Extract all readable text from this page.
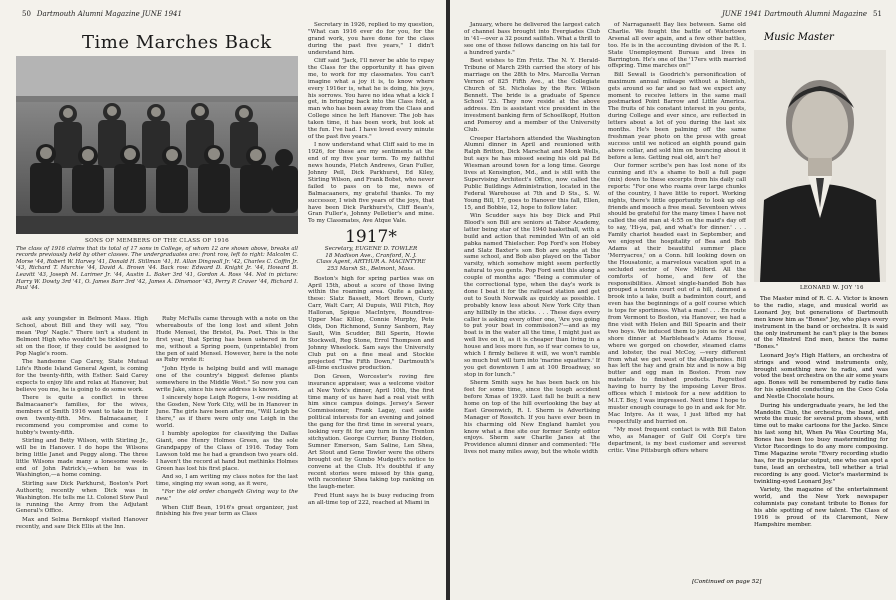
50 Dartmouth Alumni Magazine JUNE 1941
Time Marches Back
SONS OF MEMBERS OF THE CLASS OF 1916
The class of 1916 claims that its total of 17 sons in College, of whom 12 are shown above, breaks all records previously held by other classes. The undergraduates are: front row, left to right: Malcolm C. Morse '44, Robert W. Harvey '41, Donald H. Stillman '41, H. Allan Dingwall Jr. '42, Charles C. Coffin Jr. '43, Richard T. Murchie '44, David A. Brown '44. Back row: Edward D. Knight Jr. '44, Howard B. Leavitt '43, Joseph M. Larimer Jr. '44, Austin L. Baker 3rd '41, Gordon A. Ross '44. Not in picture: Harry W. Dowty 3rd '41, O. James Barr 3rd '42, James A. Dinsmoor '43, Perry P. Craver '44, Richard I. Paul '44.

ask any youngster in Belmont Mass. High School, about Bill and they will say, "You mean 'Pop' Nagle." There isn't a student in Belmont High who wouldn't be tickled just to sit on the floor, if they could be assigned to Pop Nagle's room.

The handsome Cap Carey, State Mutual Life's Rhode Island General Agent, is coming for the twenty-fifth, with Esther. Said Carey expects to enjoy life and relax at Hanover, but believe you me, he is going to do some work.

There is quite a conflict in three Balmacaaner's families, for the wives, members of Smith 1916 want to take in their own twenty-fifth. Mrs. Balmacaaner, I recommend you compromise and come to hubby's twenty-fifth.

Stirling and Betty Wilson, with Stirling Jr., will be in Hanover. I do hope the Wilsons bring little Janet and Peggy along. The three little Wilsons made many a lonesome week-end of John Patrick's,—when he was in Washington,—a home coming.

Stirling saw Dick Parkhurst, Boston's Port Authority, recently when Dick was in Washington. He tells me Lt. Colonel Stew Paul is running the Army from the Adjutant General's Office.

Max and Selma Bernkopf visited Hanover recently, and saw Dick Ellis at the Inn.

Ruby McFalls came through with a note on the whereabouts of the long lost and silent John Hude Mensel, the Bristol, Pa. Poet. This is the first year, that Spring has been ushered in for me, without a Spring poem, (unprintable) from the pen of said Mensel. However, here is the note as Ruby wrote it:

"John Hyde is helping build and will manage one of the country's biggest defense plants somewhere in the Middle West." So now you can write Jake, since his new address is known.

I sincerely hope Leigh Rogers, 1-ow residing at the Gosden, New York City, will be in Hanover in June. The girls have been after me, "Will Leigh be there," as if there were only one Leigh in the world.

I humbly apologize for classifying the Dallas Giant, one Henry Holmes Green, as the sole Grandpappy of the Class of 1916. Today Tom Lawson told me he had a grandson two years old. I haven't the record at hand but methinks Holmes Green has lost his first place.

And so, I am writing my class notes for the last time, singing my swan song, as it were,

"For the old order changeth Giving way to the new."

When Cliff Bean, 1916's great organizer, just finishing his five year term as Class

Secretary in 1926, replied to my question, "What can 1916 ever do for you, for the grand work, you have done for the class during the past five years," I didn't understand him.

Cliff said "Jack, I'll never be able to repay the Class for the opportunity it has given me, to work for my classmates. You can't imagine what a joy it is, to know where every 1916er is, what he is doing, his joys, his sorrows. You have no idea what a kick I get, in bringing back into the Class fold, a man who has been away from the Class and College since he left Hanover. The job has taken time, it has been work, but look at the fun. I've had. I have loved every minute of the past five years."

I now understand what Cliff said to me in 1926, for these are my sentiments at the end of my five year term. To my faithful news hounds, Fletch Andrews, Gran Fuller, Johnny Pell, Dick Parkhurst, Ed Kiley, Stirling Wilson, and Frank Bobst, who never failed to pass on to me, news of Balmacaaners, my grateful thanks. To my successor, I wish five years of the joys, that have been Dick Parkhurst's, Cliff Bean's, Gran Fuller's, Johnny Pelletier's and mine. To my Classmates, Ave Atque Vale.

1917*
Secretary, EUGENE D. TOWLER
18 Madison Ave., Cranford, N. J.
Class Agent, ARTHUR A. MACINTYRE
253 Marsh St., Belmont, Mass.

Boston's high for spring parties was on April 15th, about a score of those living within the roaming area. Quite a galaxy, these: Slatz Bassett, Mort Brown, Curly Carr, Walt Carr, Al Dupuis, Will Fitch, Roy Halloran, Spique MacIntyre, Roundtree-Upper Mac Killop, Connie Murphy, Pete Olds, Don Richmond, Sunny Sanborn, Ray Sault, Win Scudder, Bill Sperin, Howie Stockwell, Reg Stone, Errol Thompson and Johnny Wheelock. Sam says the University Club put on a fine meal and Stockie projected "The Fifth Down," Dartmouth's all-time exclusive production.

Don Green, Worcester's roving fire insurance appraiser, was a welcome visitor at New York's dinner, April 10th, the first time many of us have had a real visit with him since campus doings. Jersey's Sewer Commissioner, Frank Lagay, cast aside political interests for an evening and joined the gang for the first time in several years, looking very fit for any turn in the Trenton sitchyation. George Currier, Bunny Holden, Sumner Emerson, Sam Saline, Len Shea, Art Stout and Gene Towler were the others brought out by Gumbo Mudgett's notice to convene at the Club. It's doubtful if any recent stories were missed by this gang, with raconteur Shea taking top ranking on the laugh-meter.

Fred Hunt says he is busy reducing from an all-time top of 222, reached at Miami in

JUNE 1941 Dartmouth Alumni Magazine 51

January, where he delivered the largest catch of channel bass brought into Evergiades Club in '41—over a 32 pound sailfish. What a thrill to see one of those fellows dancing on his tail for a hundred yards."

Best wishes to Em Fritz. The N. Y. Herald-Tribune of March 29th carried the story of his marriage on the 28th to Mrs. Marcella Verran Vernon of 825 Fifth Ave., at the Collegiate Church of St. Nicholas by the Rev. Wilson Bennett. The bride is a graduate of Spence School '23. They now reside at the above address. Em is assistant vice president in the investment banking firm of Schoellkopf, Hutton and Pomeroy and a member of the University Club.

Creeper Hartshorn attended the Washington Alumni dinner in April and reunioned with Ralph Britton, Dick Marschat and Monk Wells, but says he has missed seeing his old pal Ed Wiesman around town for a long time. George lives at Kensington, Md., and is still with the Supervising Architect's Office, now called the Public Buildings Administration, located in the Federal Warehouse at 7th and D Sts., S. W. Young Bill, 17, goes to Hanover this fall, Ellen, 15, and Bobbie, 12, hope to follow later.

Win Scudder says his boy Dick and Phil Blood's son Bill are seniors at Tabor Academy, latter being star of the 1940 basketball, with a build and action that reminded Win of an old pabka named Thielscher. Pop Ford's son Hobey and Slatz Baxter's son Bob are sophs at the same school, and Bob also played on the Tabor varsity, which somehow might seem perfectly natural to you gents. Pop Ford sent this along a couple of months ago: "Being a commuter of the correctional type, when the day's work is done I beat it for the railroad station and get out to South Norwalk as quickly as possible. I probably know less about New York City than any hillbilly in the sticks. . . . These days every caller is asking every other one, 'Are you going to put your boat in commission?'—and as my boat is in the water all the time, I might just as well live on it, as it is cheaper than living in a house and less more fun, so if war comes to us, which I firmly believe it will, we won't ramble so much but will turn into 'marine squatters.' If you get downtown I am at 100 Broadway, so stop in for lunch."

Sherm Smith says he has been back on his feet for some time, since the tough accident before Xmas of 1939. Last fall he built a new home on top of the hill overlooking the bay at East Greenwich, R. I. Sherm is Advertising Manager of Rossitch. If you have ever been in his charming old New England hamlet you know what a fine site our former Senty editor enjoys. Sherm saw Charlie Janes at the Providence alumni dinner and commented: "He lives not many miles away, but the whole width

of Narragansett Bay lies between. Same old Charlie. We fought the battle of Watertown Arsenal all over again, and a few other battles, too. He is in the accounting division of the R. I. State Unemployment Bureau and lives in Barrington. He's one of the '17ers with married offspring. Time marches on!"

Bill Sewall is Goodrich's personification of maximum annual mileage without a blemish, gets around so far and so fast we expect any moment to receive letters in the same mail postmarked Point Barrow and Little America. The fruits of his constant interest in you gents, during College and ever since, are reflected in letters about a lot of you during the last six months. He's been palming off the same freshman year photo on the press with great success until we noticed an eighth pound gain above collar, and sold him on bouncing about it before a lens. Getting real old, ain't he?

Our former scribe's pen has lost none of its cunning and it's a shame to boll a full page (mix) down to these excerpts from his daily call reports: "For one who roams over large chunks of the country, I have little to report. Working nights, there's little opportunity to look up old friends and mooch a free meal. Seventeen wives should be grateful for the many times I have not called the old man at 4:55 on the maid's day off to say, 'Hi-ya, pal, and what's for dinner.' . . . Family chariot headed east in September, and we enjoyed the hospitality of Bea and Bob Adams at their beautiful summer place 'Merryacres,' on a Conn. hill looking down on the Housatonic, a marvelous vacation spot in a secluded sector of New Milford. All the comforts of home, and few of the responsibilities. Almost single-handed Bob has grouped a tennis court out of a hill, dammed a brook into a lake, built a badminton court, and even has the beginnings of a golf course which is tops for sportiness. What a man! . . . En route from Vermont to Boston, via Hanover, we had a fine visit with Helen and Bill Spearin and their two boys. We induced them to join us for a real shore dinner at Marblehead's Adams House, where we gorged on chowder, steamed clams and lobster, the real McCoy, —very different from what we get west of the Alleghenies. Bill has left the hay and grain biz and is now a big butter and egg man in Boston. From raw materials to finished products. Regretted having to hurry by the imposing Lever Bros. offices which I mistook for a new addition to M.I.T. Boy, I was impressed. Next time I hope to muster enough courage to go in and ask for Mr. Mac Intyre. As it was, I just lifted my hat respectfully and hurried on.

"My most frequent contact is with Bill Eaton who, as Manager of Gulf Oil Corp's tire department, is my best customer and severest critic. Vine Pittsburgh offers where

[Continued on page 52]
Music Master
LEONARD W. JOY '16

The Master mind of R. C. A. Victor is known to the radio, stage, and musical world as Leonard Joy, but generations of Dartmouth men know him as "Bones" Joy, who plays every instrument in the band or orchestra. It is said the only instrument he can't play is the bones of the Minstrel End men, hence the name "Bones."

Leonard Joy's High Hatters, an orchestra of strings and wood wind instruments only, brought something new to radio, and was voted the best orchestra on the air some years ago. Bones will be remembered by radio fans for his splendid conducting on the Coco Cola and Nestle Chocolate hours.

During his undergraduate years, he led the Mandolin Club, the orchestra, the band, and wrote the music for several prom shows, with time out to make cartoons for the Jacko. Since his last song hit, When Pa Was Courting Ma, Bones has been too busy masterminding for Victor Recordings to do any more composing. Time Magazine wrote "Every recording studio has, for its popular output, one who can spot a tune, lead an orchestra, tell whether a trial recording is any good. Victor's mastermind is twinkling-eyed Leonard Joy."

Variety, the magazine of the entertainment world, and the New York newspaper columnists pay constant tribute to Bones for his able spotting of new talent. The Class of 1916 is proud of its Claremont, New Hampshire member.
